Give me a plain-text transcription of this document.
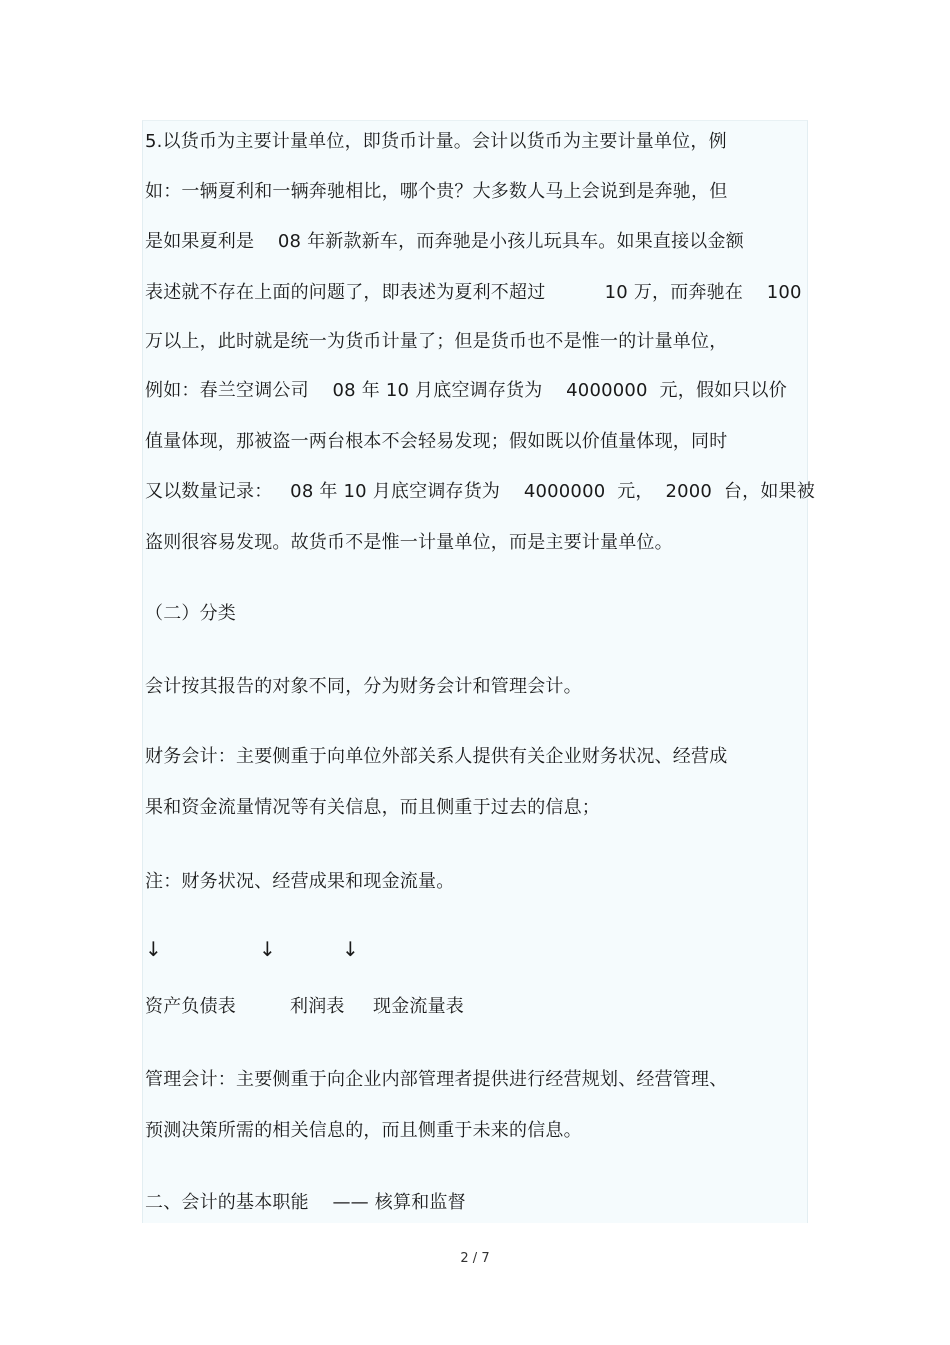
5.以货币为主要计量单位，即货币计量。会计以货币为主要计量单位，例
如：一辆夏利和一辆奔驰相比，哪个贵？大多数人马上会说到是奔驰，但
是如果夏利是    08 年新款新车，而奔驰是小孩儿玩具车。如果直接以金额
表述就不存在上面的问题了，即表述为夏利不超过          10 万，而奔驰在    100
万以上，此时就是统一为货币计量了；但是货币也不是惟一的计量单位，
例如：春兰空调公司    08 年 10 月底空调存货为    4000000  元，假如只以价
值量体现，那被盗一两台根本不会轻易发现；假如既以价值量体现，同时
又以数量记录：   08 年 10 月底空调存货为    4000000  元，  2000  台，如果被
盗则很容易发现。故货币不是惟一计量单位，而是主要计量单位。
（二）分类
会计按其报告的对象不同，分为财务会计和管理会计。
财务会计：主要侧重于向单位外部关系人提供有关企业财务状况、经营成
果和资金流量情况等有关信息，而且侧重于过去的信息；
注：财务状况、经营成果和现金流量。
↓	↓	↓
资产负债表	利润表 现金流量表
管理会计：主要侧重于向企业内部管理者提供进行经营规划、经营管理、
预测决策所需的相关信息的，而且侧重于未来的信息。
二、会计的基本职能    —— 核算和监督
2 / 7
